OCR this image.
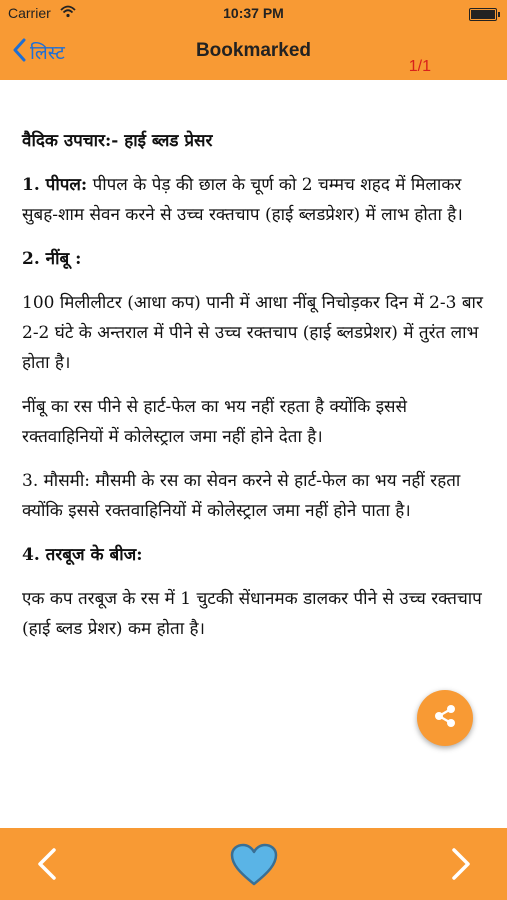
Carrier	10:37 PM
लिस्ट	Bookmarked
1/1

वैदिक उपचार:- हाई ब्लड प्रेसर

1. पीपल: पीपल के पेड़ की छाल के चूर्ण को 2 चम्मच शहद में मिलाकर सुबह-शाम सेवन करने से उच्च रक्तचाप (हाई ब्लडप्रेशर) में लाभ होता है।

2. नींबू :

100 मिलीलीटर (आधा कप) पानी में आधा नींबू निचोड़कर दिन में 2-3 बार 2-2 घंटे के अन्तराल में पीने से उच्च रक्तचाप (हाई ब्लडप्रेशर) में तुरंत लाभ होता है।

नींबू का रस पीने से हार्ट-फेल का भय नहीं रहता है क्योंकि इससे रक्तवाहिनियों में कोलेस्ट्राल जमा नहीं होने देता है।

3. मौसमी: मौसमी के रस का सेवन करने से हार्ट-फेल का भय नहीं रहता क्योंकि इससे रक्तवाहिनियों में कोलेस्ट्राल जमा नहीं होने पाता है।

4. तरबूज के बीज:

एक कप तरबूज के रस में 1 चुटकी सेंधानमक डालकर पीने से उच्च रक्तचाप (हाई ब्लड प्रेशर) कम होता है।
